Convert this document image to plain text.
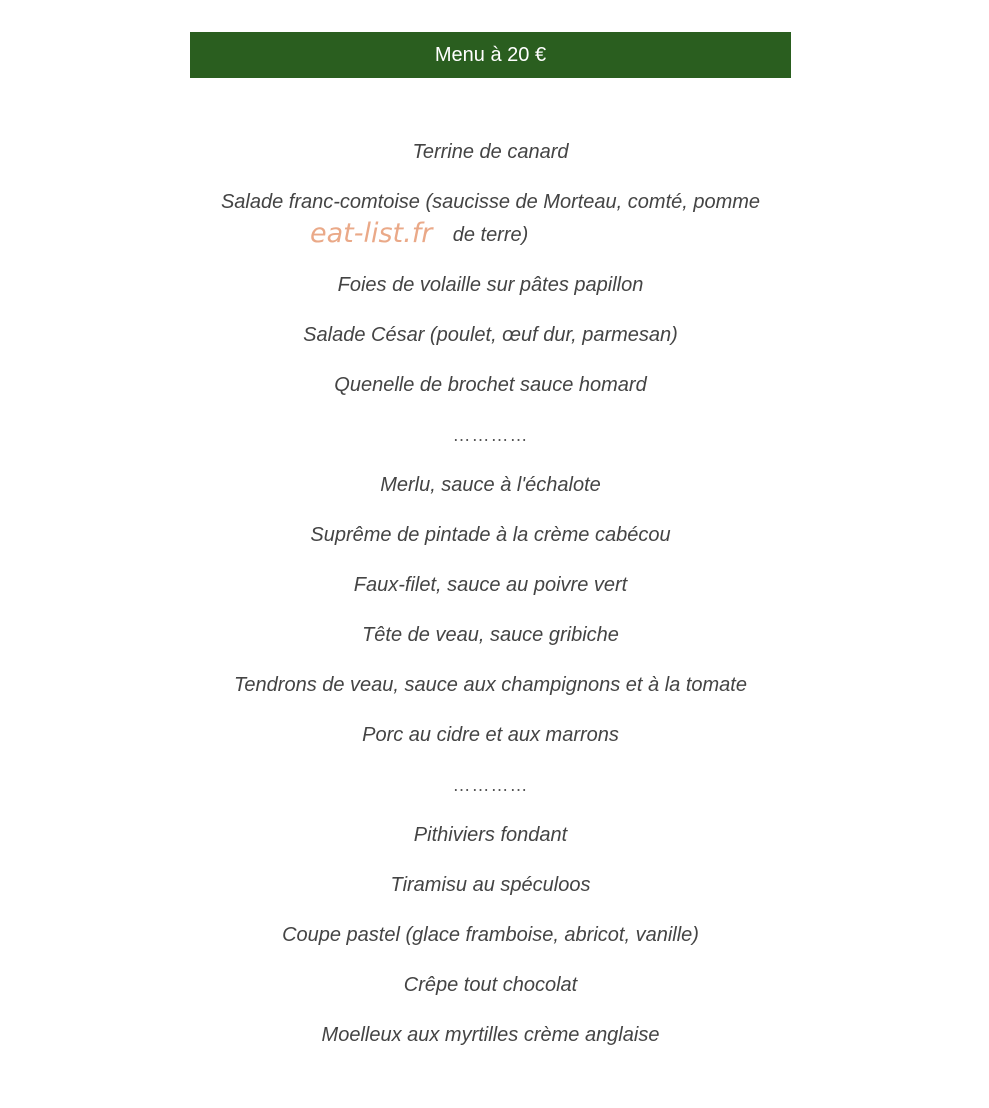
Menu à 20 €
Terrine de canard
Salade franc-comtoise (saucisse de Morteau, comté, pomme de terre)
Foies de volaille sur pâtes papillon
Salade César (poulet, œuf dur, parmesan)
Quenelle de brochet sauce homard
…………
Merlu, sauce à l'échalote
Suprême de pintade à la crème cabécou
Faux-filet, sauce au poivre vert
Tête de veau, sauce gribiche
Tendrons de veau, sauce aux champignons et à la tomate
Porc au cidre et aux marrons
…………
Pithiviers fondant
Tiramisu au spéculoos
Coupe pastel (glace framboise, abricot, vanille)
Crêpe tout chocolat
Moelleux aux myrtilles crème anglaise
eat-list.fr
